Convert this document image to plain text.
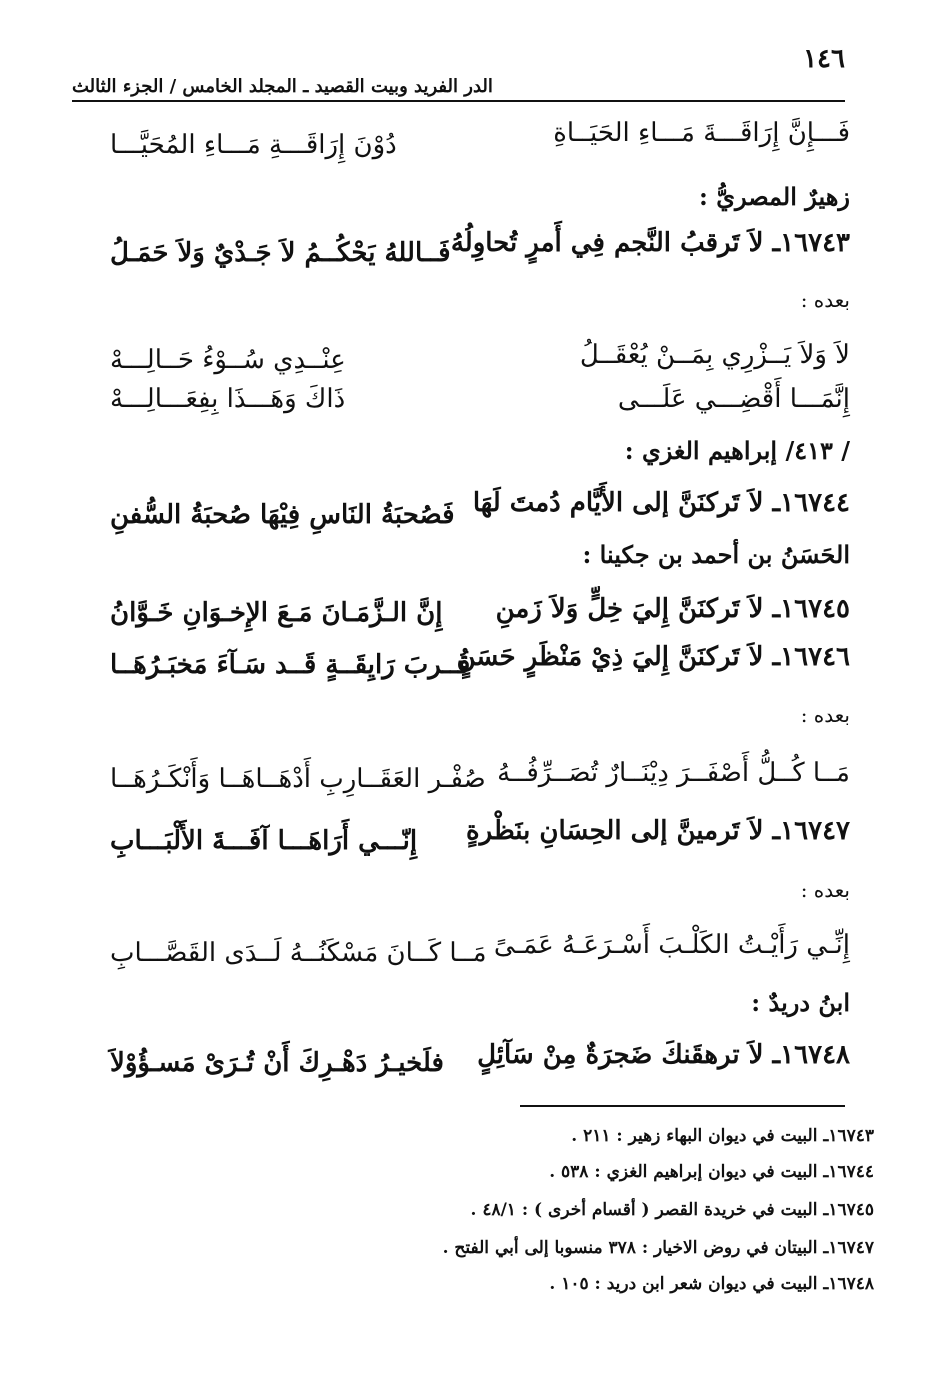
١٤٦
الدر الفريد وبيت القصيد ـ المجلد الخامس / الجزء الثالث
فَـــإِنَّ إِرَاقَـــةَ مَـــاءِ الحَيَــاةِ
دُوْنَ إِرَاقَـــةِ مَـــاءِ المُحَيَّـــا
زهيرٌ المصريُّ :
١٦٧٤٣ـ لاَ تَرقبُ النَّجم فِي أَمرٍ تُحاوِلُهُ
فَــاللهُ يَحْكُــمُ لاَ جَـدْيٌ وَلاَ حَمَـلُ
بعده :
لاَ وَلاَ يَــزْرِي بِمَــنْ يُعْقَــلُ
عِنْــدِي سُــوْءُ حَــالِـــهْ
إِنَّمَـــا أَقْضِـــي عَلَـــى
ذَاكَ وَهَـــذَا بِفِعَـــالِـــهْ
/ ٤١٣/ إبراهيم الغزي :
١٦٧٤٤ـ لاَ تَركنَنَّ إلى الأَيَّام دُمتَ لَهَا
فَصُحبَةُ النَاسِ فِيْهَا صُحبَةُ السُّفنِ
الحَسَنُ بن أحمد بن جكينا :
١٦٧٤٥ـ لاَ تَركنَنَّ إِليَ خِلٍّ وَلاَ زَمنِ
إِنَّ الـزَّمَـانَ مَـعَ الإِخـوَانِ خَـوَّانُ
١٦٧٤٦ـ لاَ تَركنَنَّ إِليَ ذِيْ مَنْظَرٍ حَسَنٍ
قُــربَ رَايِقَــةٍ قَــد سَـآءَ مَخبَـرُهَــا
بعده :
مَــا كُــلُّ أَصْفَــرَ دِيْنَــارٌ تُصَــرِّفُــهُ
صُفْـر العَقَــارِبِ أَدْهَــاهَــا وَأَنْكَـرُهَــا
١٦٧٤٧ـ لاَ تَرمينَّ إلى الحِسَانِ بنَظْرةٍ
إِنّـــي أَرَاهَـــا آفَـــةَ الأَلْبَـــابِ
بعده :
إِنِّـي رَأَيْـتُ الكَلْـبَ أَسْـرَعَـهُ عَمَـىً
مَــا كَــانَ مَسْكَنُــهُ لَــدَى القَصَّـــابِ
ابنُ دريدٌ :
١٦٧٤٨ـ لاَ ترهقَنكَ ضَجرَةٌ مِنْ سَآئِلٍ
فلَخيـرُ دَهْـرِكَ أَنْ تُـرَىْ مَسـؤُوْلاَ
١٦٧٤٣ـ البيت في ديوان البهاء زهير : ٢١١ .
١٦٧٤٤ـ البيت في ديوان إبراهيم الغزي : ٥٣٨ .
١٦٧٤٥ـ البيت في خريدة القصر ( أقسام أخرى ) : ٤٨/١ .
١٦٧٤٧ـ البيتان في روض الاخيار : ٣٧٨ منسوبا إلى أبي الفتح .
١٦٧٤٨ـ البيت في ديوان شعر ابن دريد : ١٠٥ .
